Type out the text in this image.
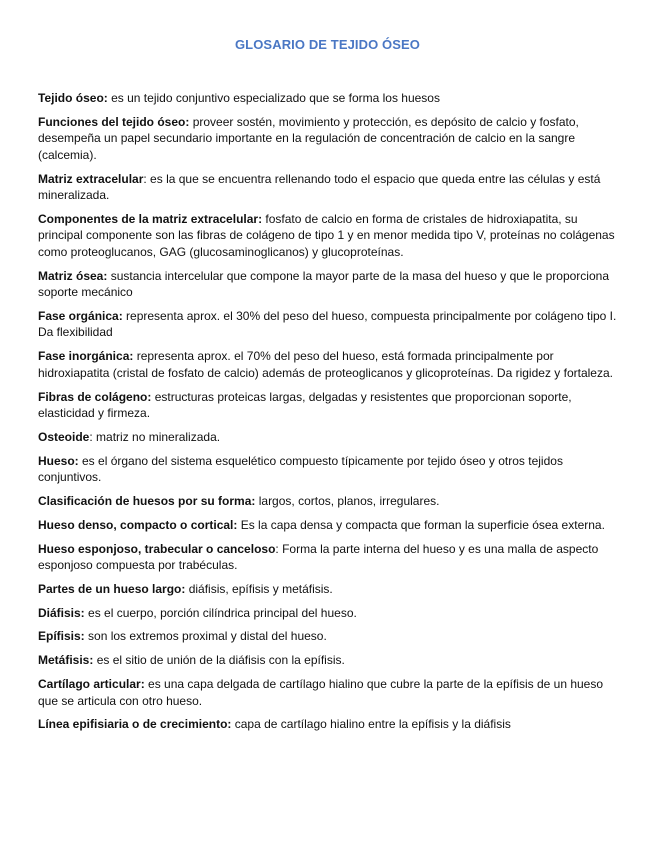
GLOSARIO DE TEJIDO ÓSEO

Tejido óseo: es un tejido conjuntivo especializado que se forma los huesos

Funciones del tejido óseo: proveer sostén, movimiento y protección, es depósito de calcio y fosfato, desempeña un papel secundario importante en la regulación de concentración de calcio en la sangre (calcemia).

Matriz extracelular: es la que se encuentra rellenando todo el espacio que queda entre las células y está mineralizada.

Componentes de la matriz extracelular: fosfato de calcio en forma de cristales de hidroxiapatita, su principal componente son las fibras de colágeno de tipo 1 y en menor medida tipo V, proteínas no colágenas como proteoglucanos, GAG (glucosaminoglicanos) y glucoproteínas.

Matriz ósea: sustancia intercelular que compone la mayor parte de la masa del hueso y que le proporciona soporte mecánico

Fase orgánica: representa aprox. el 30% del peso del hueso, compuesta principalmente por colágeno tipo I. Da flexibilidad

Fase inorgánica: representa aprox. el 70% del peso del hueso, está formada principalmente por hidroxiapatita (cristal de fosfato de calcio) además de proteoglicanos y glicoproteínas. Da rigidez y fortaleza.

Fibras de colágeno: estructuras proteicas largas, delgadas y resistentes que proporcionan soporte, elasticidad y firmeza.

Osteoide: matriz no mineralizada.

Hueso: es el órgano del sistema esquelético compuesto típicamente por tejido óseo y otros tejidos conjuntivos.

Clasificación de huesos por su forma: largos, cortos, planos, irregulares.

Hueso denso, compacto o cortical: Es la capa densa y compacta que forman la superficie ósea externa.

Hueso esponjoso, trabecular o canceloso: Forma la parte interna del hueso y es una malla de aspecto esponjoso compuesta por trabéculas.

Partes de un hueso largo: diáfisis, epífisis y metáfisis.

Diáfisis: es el cuerpo, porción cilíndrica principal del hueso.

Epífisis: son los extremos proximal y distal del hueso.

Metáfisis: es el sitio de unión de la diáfisis con la epífisis.

Cartílago articular: es una capa delgada de cartílago hialino que cubre la parte de la epífisis de un hueso que se articula con otro hueso.

Línea epifisiaria o de crecimiento: capa de cartílago hialino entre la epífisis y la diáfisis
